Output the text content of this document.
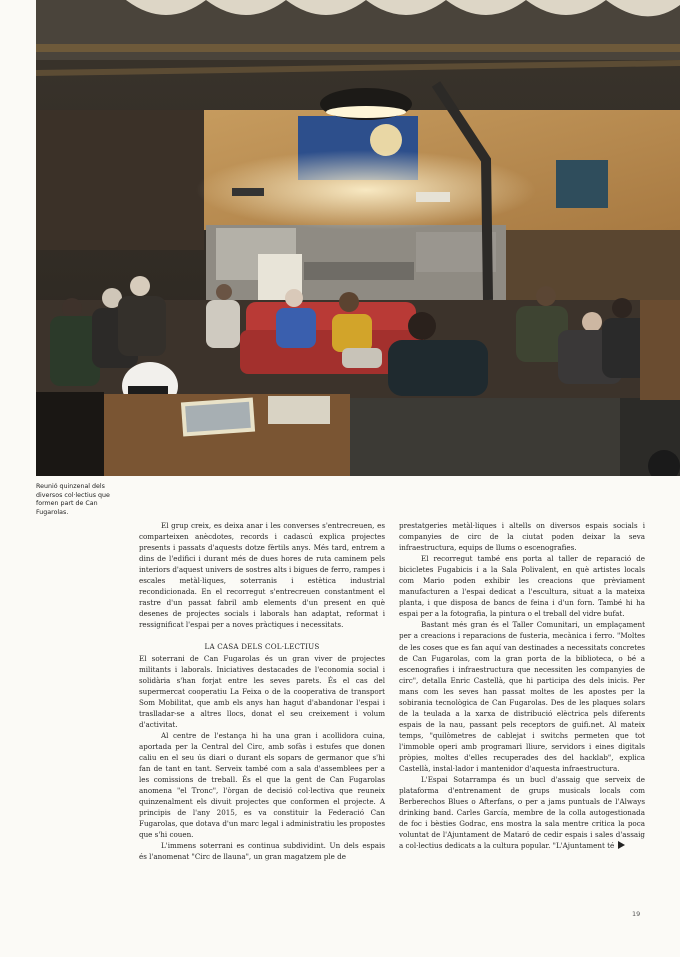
Reunió quinzenal dels diversos col·lectius que formen part de Can Fugarolas.

El grup creix, es deixa anar i les converses s'entrecreuen, es comparteixen anècdotes, records i cadascú explica projectes presents i passats d'aquests dotze fèrtils anys. Més tard, entrem a dins de l'edifici i durant més de dues hores de ruta caminem pels interiors d'aquest univers de sostres alts i bigues de ferro, rampes i escales metàl·liques, soterranis i estètica industrial recondicionada. En el recorregut s'entrecreuen constantment el rastre d'un passat fabril amb elements d'un present en què desenes de projectes socials i laborals han adaptat, reformat i ressignificat l'espai per a noves pràctiques i necessitats.

LA CASA DELS COL·LECTIUS

El soterrani de Can Fugarolas és un gran viver de projectes militants i laborals. Iniciatives destacades de l'economia social i solidària s'han forjat entre les seves parets. És el cas del supermercat cooperatiu La Feixa o de la cooperativa de transport Som Mobilitat, que amb els anys han hagut d'abandonar l'espai i traslladar-se a altres llocs, donat el seu creixement i volum d'activitat.

Al centre de l'estança hi ha una gran i acollidora cuina, aportada per la Central del Circ, amb sofàs i estufes que donen caliu en el seu ús diari o durant els sopars de germanor que s'hi fan de tant en tant. Serveix també com a sala d'assemblees per a les comissions de treball. És el que la gent de Can Fugarolas anomena "el Tronc", l'òrgan de decisió col·lectiva que reuneix quinzenalment els divuit projectes que conformen el projecte. A principis de l'any 2015, es va constituir la Federació Can Fugarolas, que dotava d'un marc legal i administratiu les propostes que s'hi couen.

L'immens soterrani es continua subdividint. Un dels espais és l'anomenat "Circ de llauna", un gran magatzem ple de

prestatgeries metàl·liques i altells on diversos espais socials i companyies de circ de la ciutat poden deixar la seva infraestructura, equips de llums o escenografies.

El recorregut també ens porta al taller de reparació de bicicletes Fugabicis i a la Sala Polivalent, en què artistes locals com Mario poden exhibir les creacions que prèviament manufacturen a l'espai dedicat a l'escultura, situat a la mateixa planta, i que disposa de bancs de feina i d'un forn. També hi ha espai per a la fotografia, la pintura o el treball del vidre bufat.

Bastant més gran és el Taller Comunitari, un emplaçament per a creacions i reparacions de fusteria, mecànica i ferro. "Moltes de les coses que es fan aquí van destinades a necessitats concretes de Can Fugarolas, com la gran porta de la biblioteca, o bé a escenografies i infraestructura que necessiten les companyies de circ", detalla Enric Castellà, que hi participa des dels inicis. Per mans com les seves han passat moltes de les apostes per la sobirania tecnològica de Can Fugarolas. Des de les plaques solars de la teulada a la xarxa de distribució elèctrica pels diferents espais de la nau, passant pels receptors de guifi.net. Al mateix temps, "quilòmetres de cablejat i switchs permeten que tot l'immoble operi amb programari lliure, servidors i eines digitals pròpies, moltes d'elles recuperades des del hacklab", explica Castellà, instal·lador i mantenidor d'aquesta infraestructura.

L'Espai Sotarrampa és un bucl d'assaig que serveix de plataforma d'entrenament de grups musicals locals com Berberechos Blues o Afterfans, o per a jams puntuals de l'Always drinking band. Carles García, membre de la colla autogestionada de foc i bèsties Godrac, ens mostra la sala mentre critica la poca voluntat de l'Ajuntament de Mataró de cedir espais i sales d'assaig a col·lectius dedicats a la cultura popular. "L'Ajuntament té

19
